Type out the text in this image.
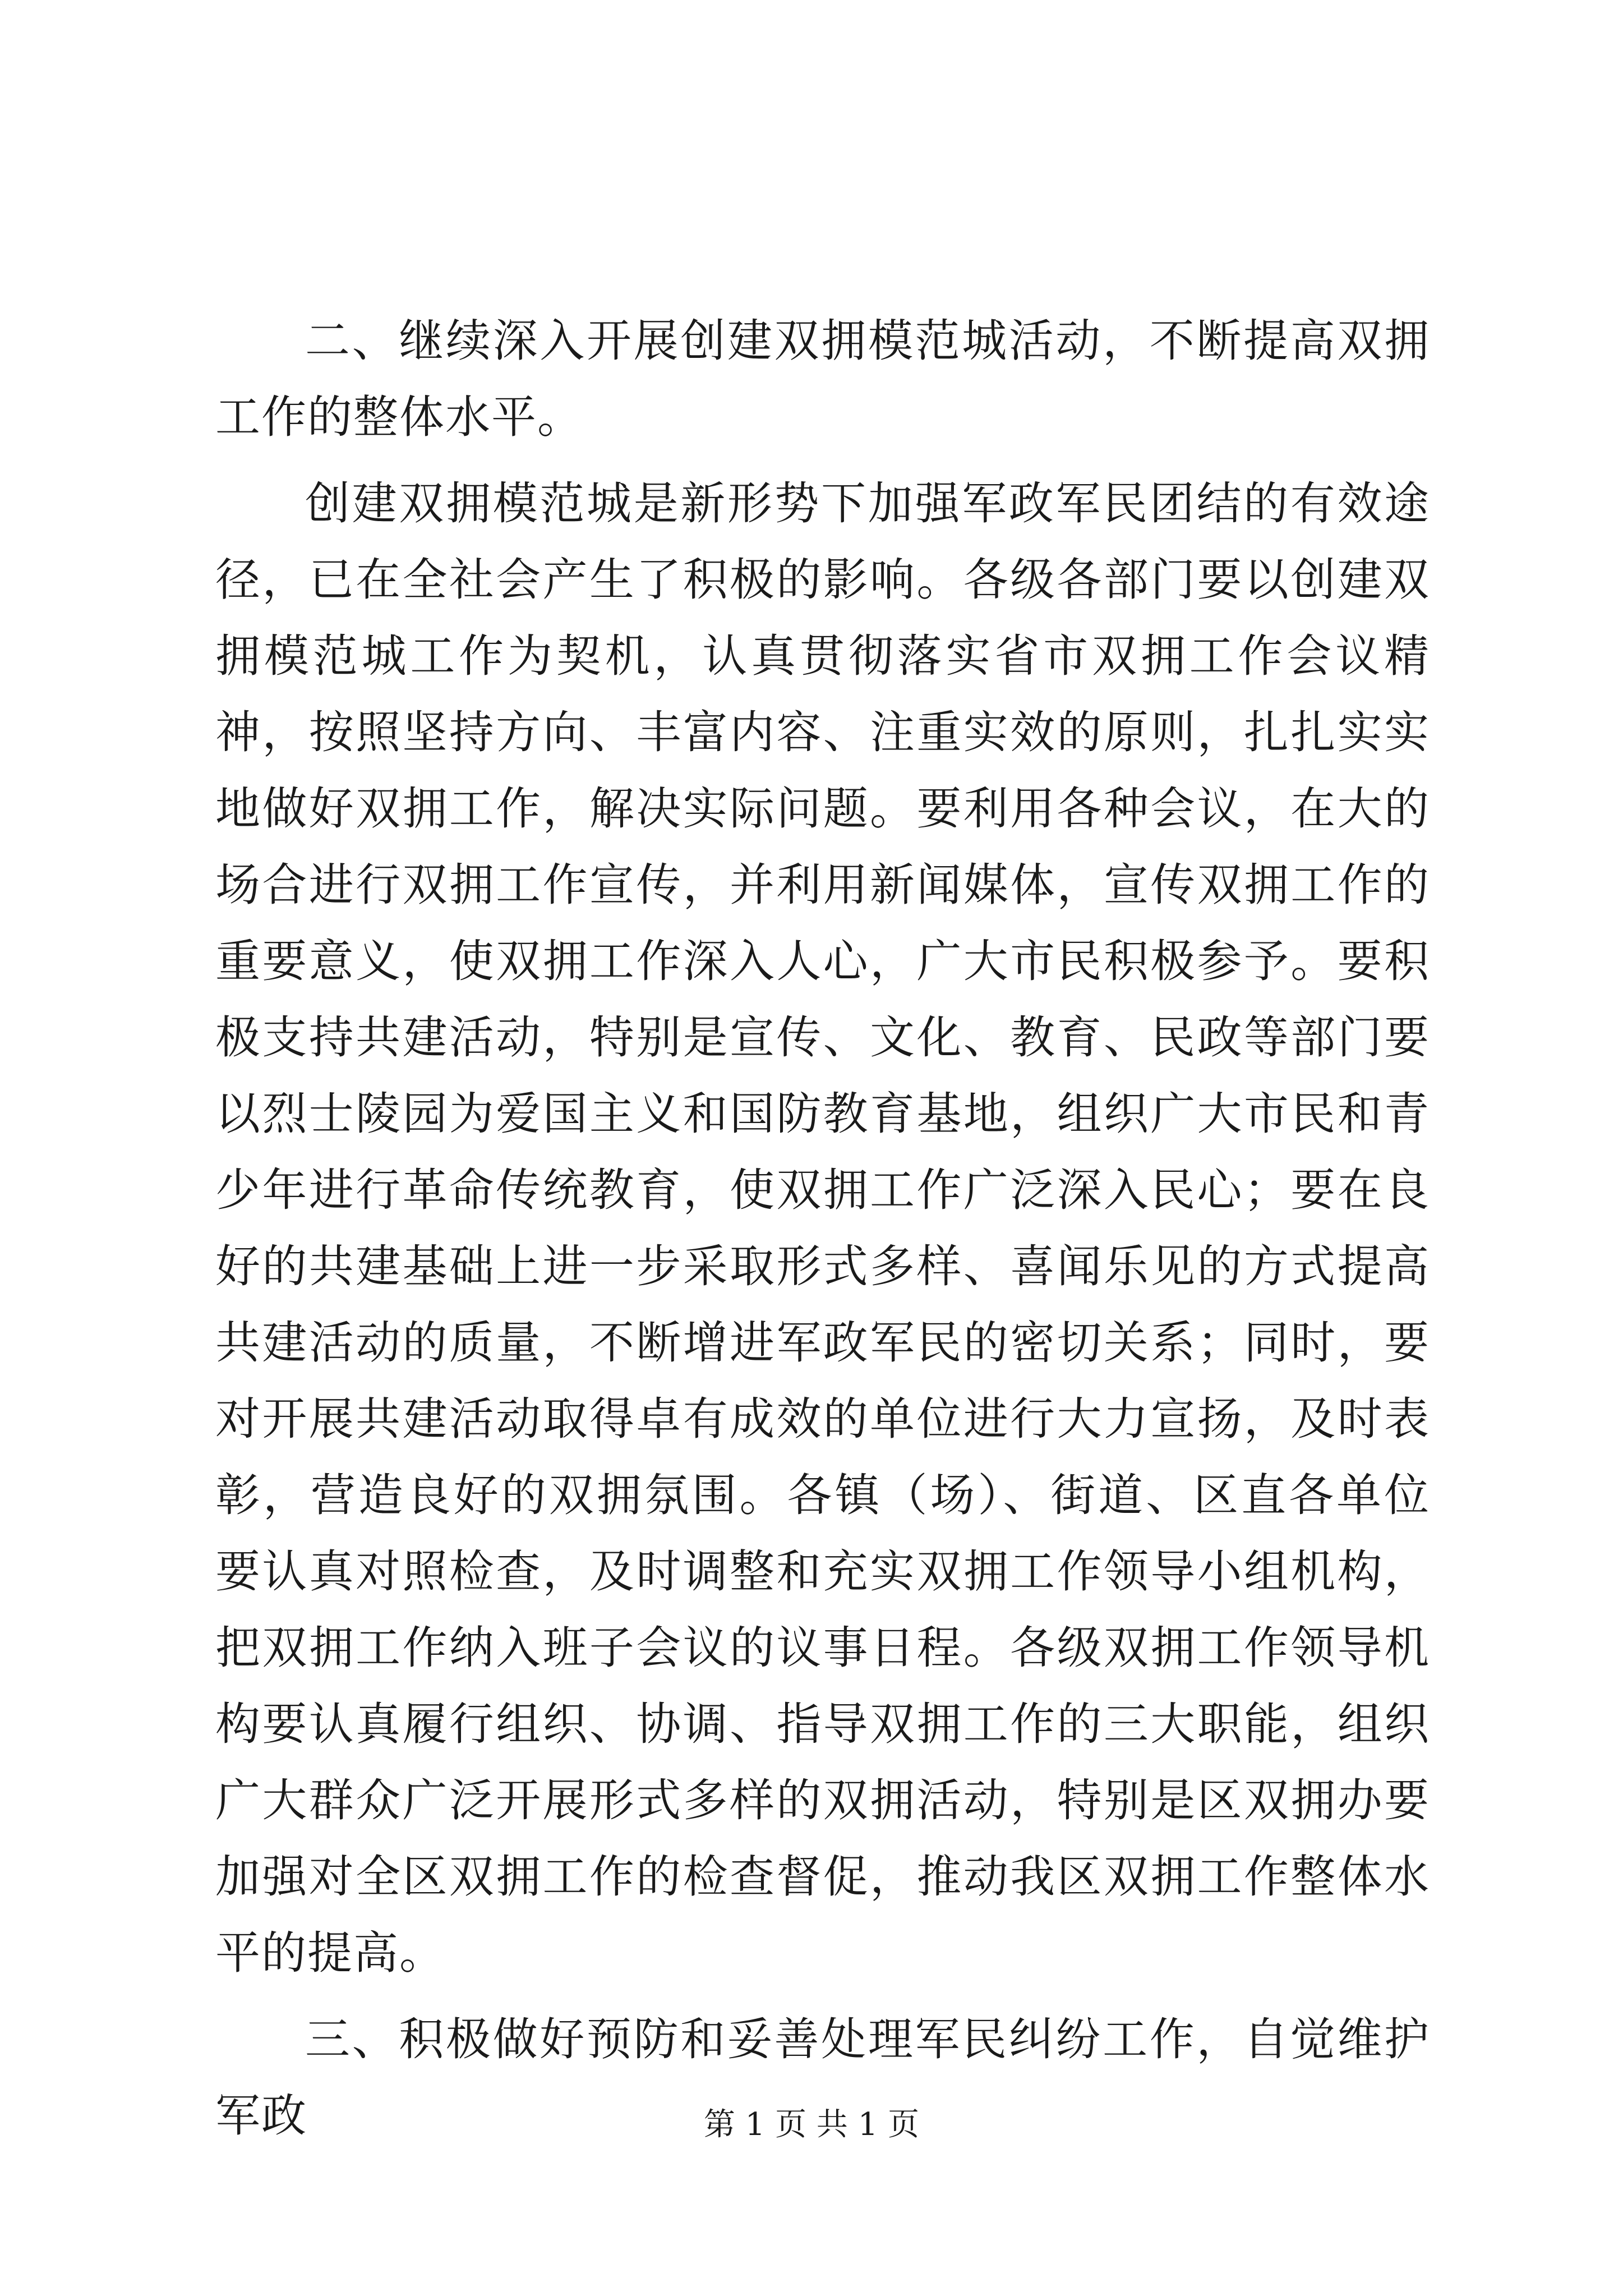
二、继续深入开展创建双拥模范城活动，不断提高双拥工作的整体水平。

创建双拥模范城是新形势下加强军政军民团结的有效途径，已在全社会产生了积极的影响。各级各部门要以创建双拥模范城工作为契机，认真贯彻落实省市双拥工作会议精神，按照坚持方向、丰富内容、注重实效的原则，扎扎实实地做好双拥工作，解决实际问题。要利用各种会议，在大的场合进行双拥工作宣传，并利用新闻媒体，宣传双拥工作的重要意义，使双拥工作深入人心，广大市民积极参予。要积极支持共建活动，特别是宣传、文化、教育、民政等部门要以烈士陵园为爱国主义和国防教育基地，组织广大市民和青少年进行革命传统教育，使双拥工作广泛深入民心；要在良好的共建基础上进一步采取形式多样、喜闻乐见的方式提高共建活动的质量，不断增进军政军民的密切关系；同时，要对开展共建活动取得卓有成效的单位进行大力宣扬，及时表彰，营造良好的双拥氛围。各镇（场）、街道、区直各单位要认真对照检查，及时调整和充实双拥工作领导小组机构，把双拥工作纳入班子会议的议事日程。各级双拥工作领导机构要认真履行组织、协调、指导双拥工作的三大职能，组织广大群众广泛开展形式多样的双拥活动，特别是区双拥办要加强对全区双拥工作的检查督促，推动我区双拥工作整体水平的提高。

三、积极做好预防和妥善处理军民纠纷工作，自觉维护军政	第 1 页 共 1 页
